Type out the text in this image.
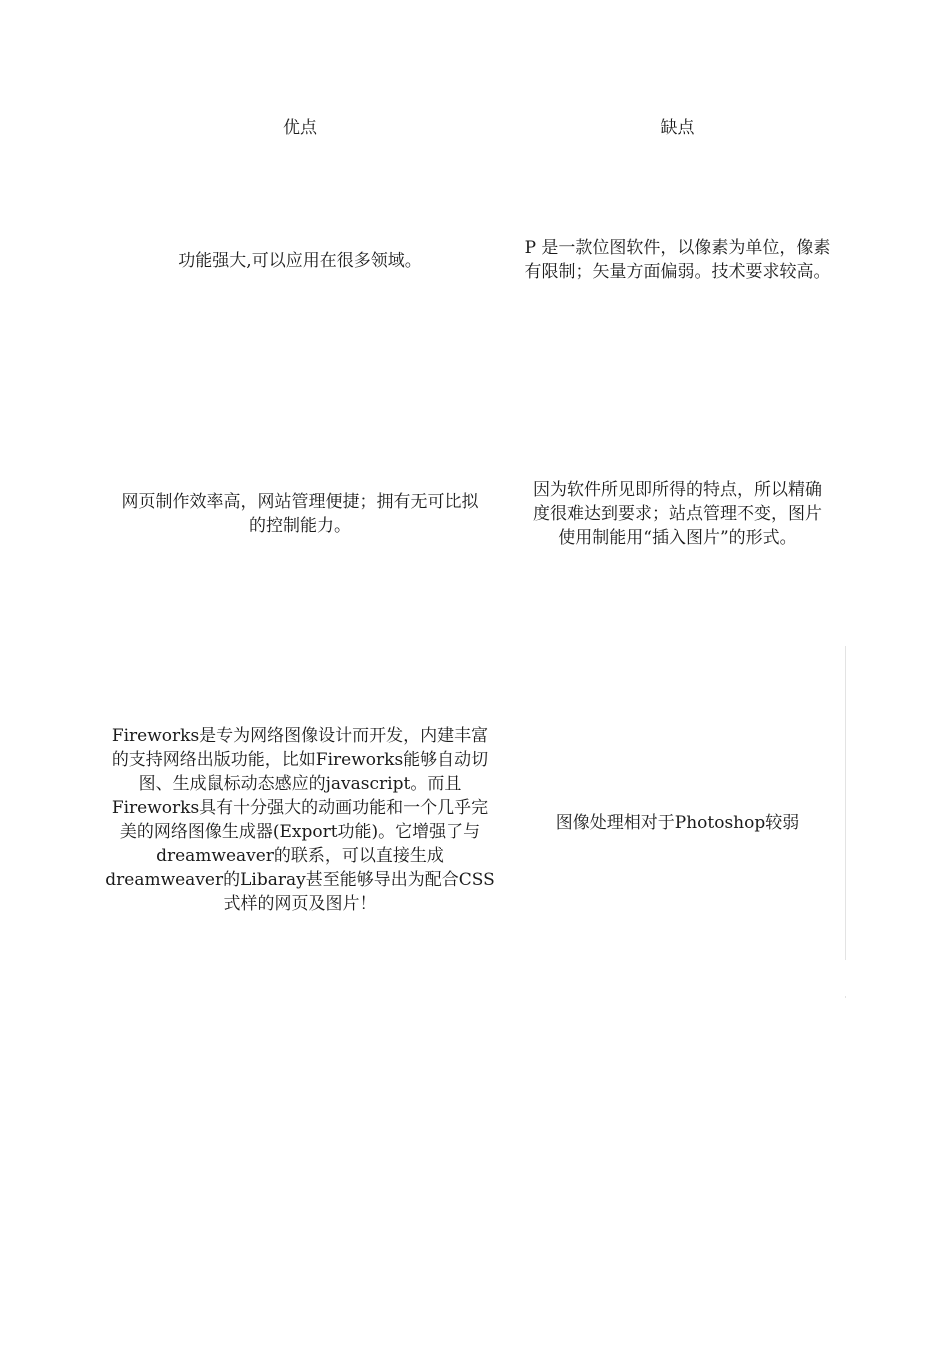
优点	缺点
功能强大,可以应用在很多领域。
P 是一款位图软件，以像素为单位，像素
有限制；矢量方面偏弱。技术要求较高。
网页制作效率高，网站管理便捷；拥有无可比拟
的控制能力。
因为软件所见即所得的特点，所以精确
度很难达到要求；站点管理不变，图片
使用制能用“插入图片”的形式。
Fireworks是专为网络图像设计而开发，内建丰富
的支持网络出版功能，比如Fireworks能够自动切
图、生成鼠标动态感应的javascript。而且
Fireworks具有十分强大的动画功能和一个几乎完
美的网络图像生成器(Export功能)。它增强了与
dreamweaver的联系，可以直接生成
dreamweaver的Libaray甚至能够导出为配合CSS
式样的网页及图片！
图像处理相对于Photoshop较弱
